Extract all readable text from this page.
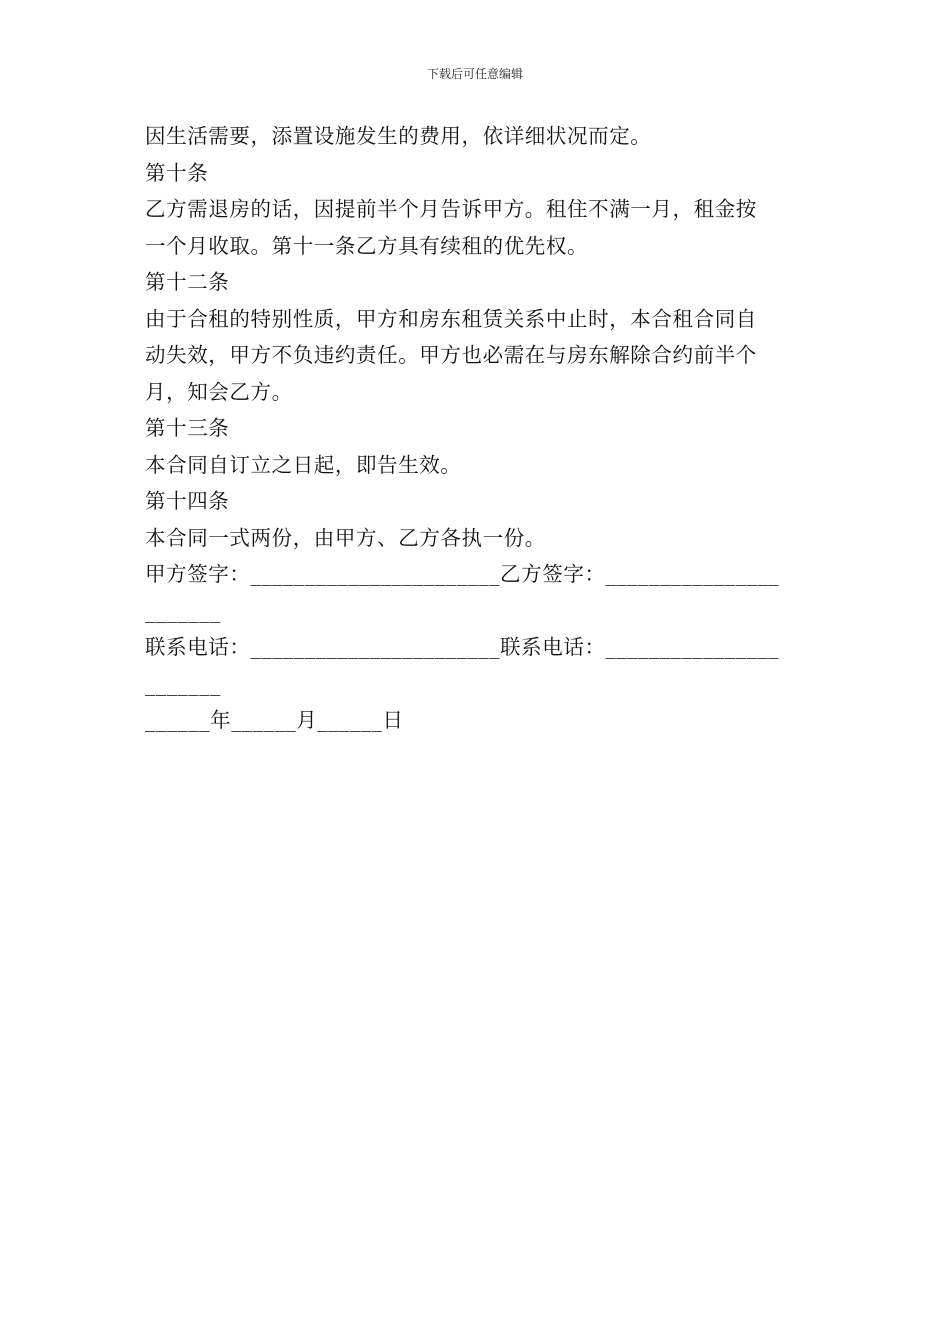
下载后可任意编辑

因生活需要，添置设施发生的费用，依详细状况而定。

第十条

乙方需退房的话，因提前半个月告诉甲方。租住不满一月，租金按

一个月收取。第十一条乙方具有续租的优先权。

第十二条

由于合租的特别性质，甲方和房东租赁关系中止时，本合租合同自

动失效，甲方不负违约责任。甲方也必需在与房东解除合约前半个

月，知会乙方。

第十三条

本合同自订立之日起，即告生效。

第十四条

本合同一式两份，由甲方、乙方各执一份。

甲方签字：_______________________乙方签字：________________

_______

联系电话：_______________________联系电话：________________

_______

______年______月______日
